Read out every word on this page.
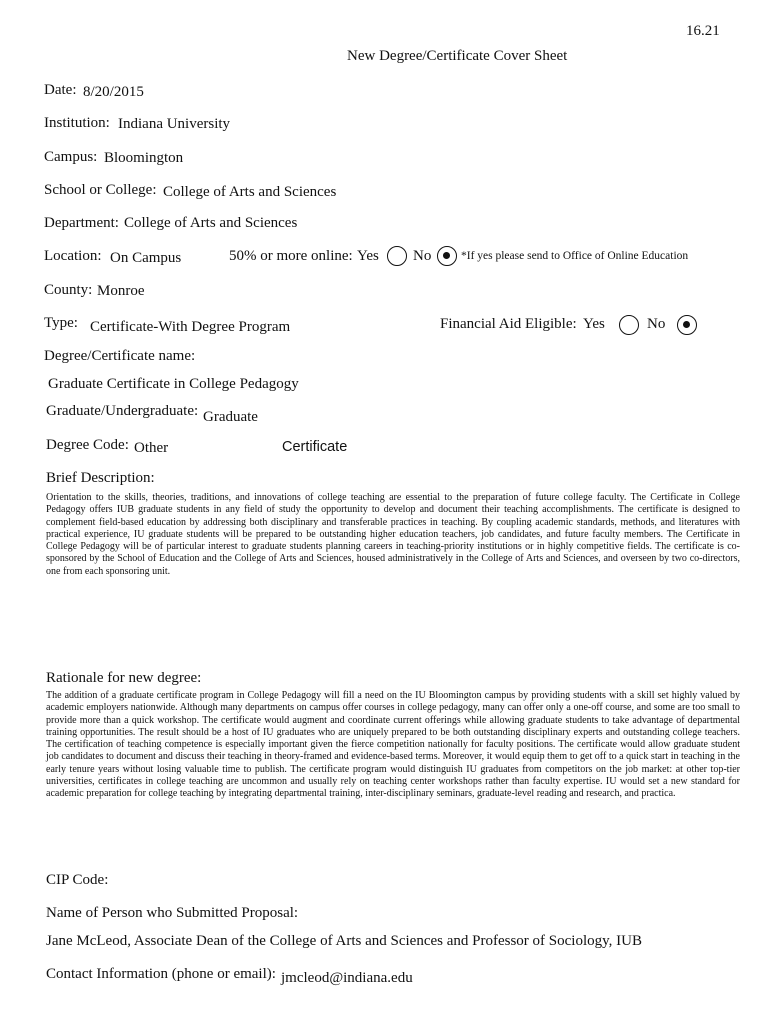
16.21
New Degree/Certificate Cover Sheet
Date: 8/20/2015
Institution: Indiana University
Campus: Bloomington
School or College: College of Arts and Sciences
Department: College of Arts and Sciences
Location: On Campus	50% or more online: Yes No	*If yes please send to Office of Online Education
County: Monroe
Type: Certificate-With Degree Program	Financial Aid Eligible: Yes	No
Degree/Certificate name:
Graduate Certificate in College Pedagogy
Graduate/Undergraduate: Graduate
Degree Code: Other	Certificate
Brief Description:
Orientation to the skills, theories, traditions, and innovations of college teaching are essential to the preparation of future college faculty. The Certificate in College Pedagogy offers IUB graduate students in any field of study the opportunity to develop and document their teaching accomplishments. The certificate is designed to complement field-based education by addressing both disciplinary and transferable practices in teaching. By coupling academic standards, methods, and literatures with practical experience, IU graduate students will be prepared to be outstanding higher education teachers, job candidates, and future faculty members. The Certificate in College Pedagogy will be of particular interest to graduate students planning careers in teaching-priority institutions or in highly competitive fields. The certificate is co-sponsored by the School of Education and the College of Arts and Sciences, housed administratively in the College of Arts and Sciences, and overseen by two co-directors, one from each sponsoring unit.
Rationale for new degree:
The addition of a graduate certificate program in College Pedagogy will fill a need on the IU Bloomington campus by providing students with a skill set highly valued by academic employers nationwide. Although many departments on campus offer courses in college pedagogy, many can offer only a one-off course, and some are too small to provide more than a quick workshop. The certificate would augment and coordinate current offerings while allowing graduate students to take advantage of departmental training opportunities. The result should be a host of IU graduates who are uniquely prepared to be both outstanding disciplinary experts and outstanding college teachers. The certification of teaching competence is especially important given the fierce competition nationally for faculty positions. The certificate would allow graduate student job candidates to document and discuss their teaching in theory-framed and evidence-based terms. Moreover, it would equip them to get off to a quick start in teaching in the early tenure years without losing valuable time to publish. The certificate program would distinguish IU graduates from competitors on the job market: at other top-tier universities, certificates in college teaching are uncommon and usually rely on teaching center workshops rather than faculty expertise. IU would set a new standard for academic preparation for college teaching by integrating departmental training, inter-disciplinary seminars, graduate-level reading and research, and practica.
CIP Code:
Name of Person who Submitted Proposal:
Jane McLeod, Associate Dean of the College of Arts and Sciences and Professor of Sociology, IUB
Contact Information (phone or email): jmcleod@indiana.edu
